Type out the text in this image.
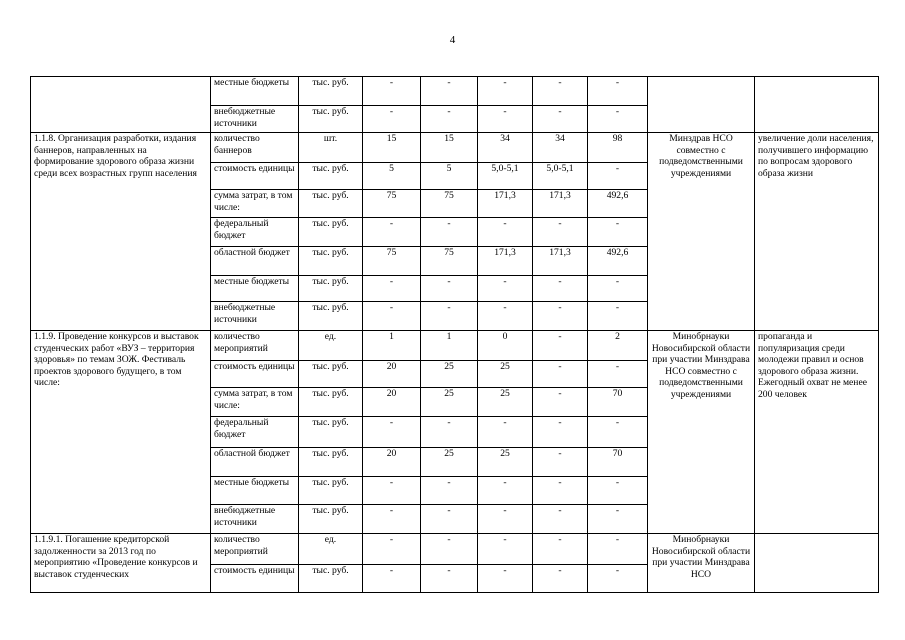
4
	местные бюджеты	тыс. руб.	-	-	-	-	-		
	внебюджетные источники	тыс. руб.	-	-	-	-	-		
1.1.8. Организация разработки, издания баннеров, направленных на формирование здорового образа жизни среди всех возрастных групп населения	количество баннеров	шт.	15	15	34	34	98	Минздрав НСО совместно с подведомственными учреждениями	увеличение доли населения, получившего информацию по вопросам здорового образа жизни
	стоимость единицы	тыс. руб.	5	5	5,0-5,1	5,0-5,1	-		
	сумма затрат, в том числе:	тыс. руб.	75	75	171,3	171,3	492,6		
	федеральный бюджет	тыс. руб.	-	-	-	-	-		
	областной бюджет	тыс. руб.	75	75	171,3	171,3	492,6		
	местные бюджеты	тыс. руб.	-	-	-	-	-		
	внебюджетные источники	тыс. руб.	-	-	-	-	-		
1.1.9. Проведение конкурсов и выставок студенческих работ «ВУЗ – территория здоровья» по темам ЗОЖ. Фестиваль проектов здорового будущего, в том числе:	количество мероприятий	ед.	1	1	0	-	2	Минобрнауки Новосибирской области при участии Минздрава НСО совместно с подведомственными учреждениями	пропаганда и популяризация среди молодежи правил и основ здорового образа жизни. Ежегодный охват не менее 200 человек
	стоимость единицы	тыс. руб.	20	25	25	-	-		
	сумма затрат, в том числе:	тыс. руб.	20	25	25	-	70		
	федеральный бюджет	тыс. руб.	-	-	-	-	-		
	областной бюджет	тыс. руб.	20	25	25	-	70		
	местные бюджеты	тыс. руб.	-	-	-	-	-		
	внебюджетные источники	тыс. руб.	-	-	-	-	-		
1.1.9.1. Погашение кредиторской задолженности за 2013 год по мероприятию «Проведение конкурсов и выставок студенческих	количество мероприятий	ед.	-	-	-	-	-	Минобрнауки Новосибирской области при участии Минздрава НСО	
	стоимость единицы	тыс. руб.	-	-	-	-	-		
